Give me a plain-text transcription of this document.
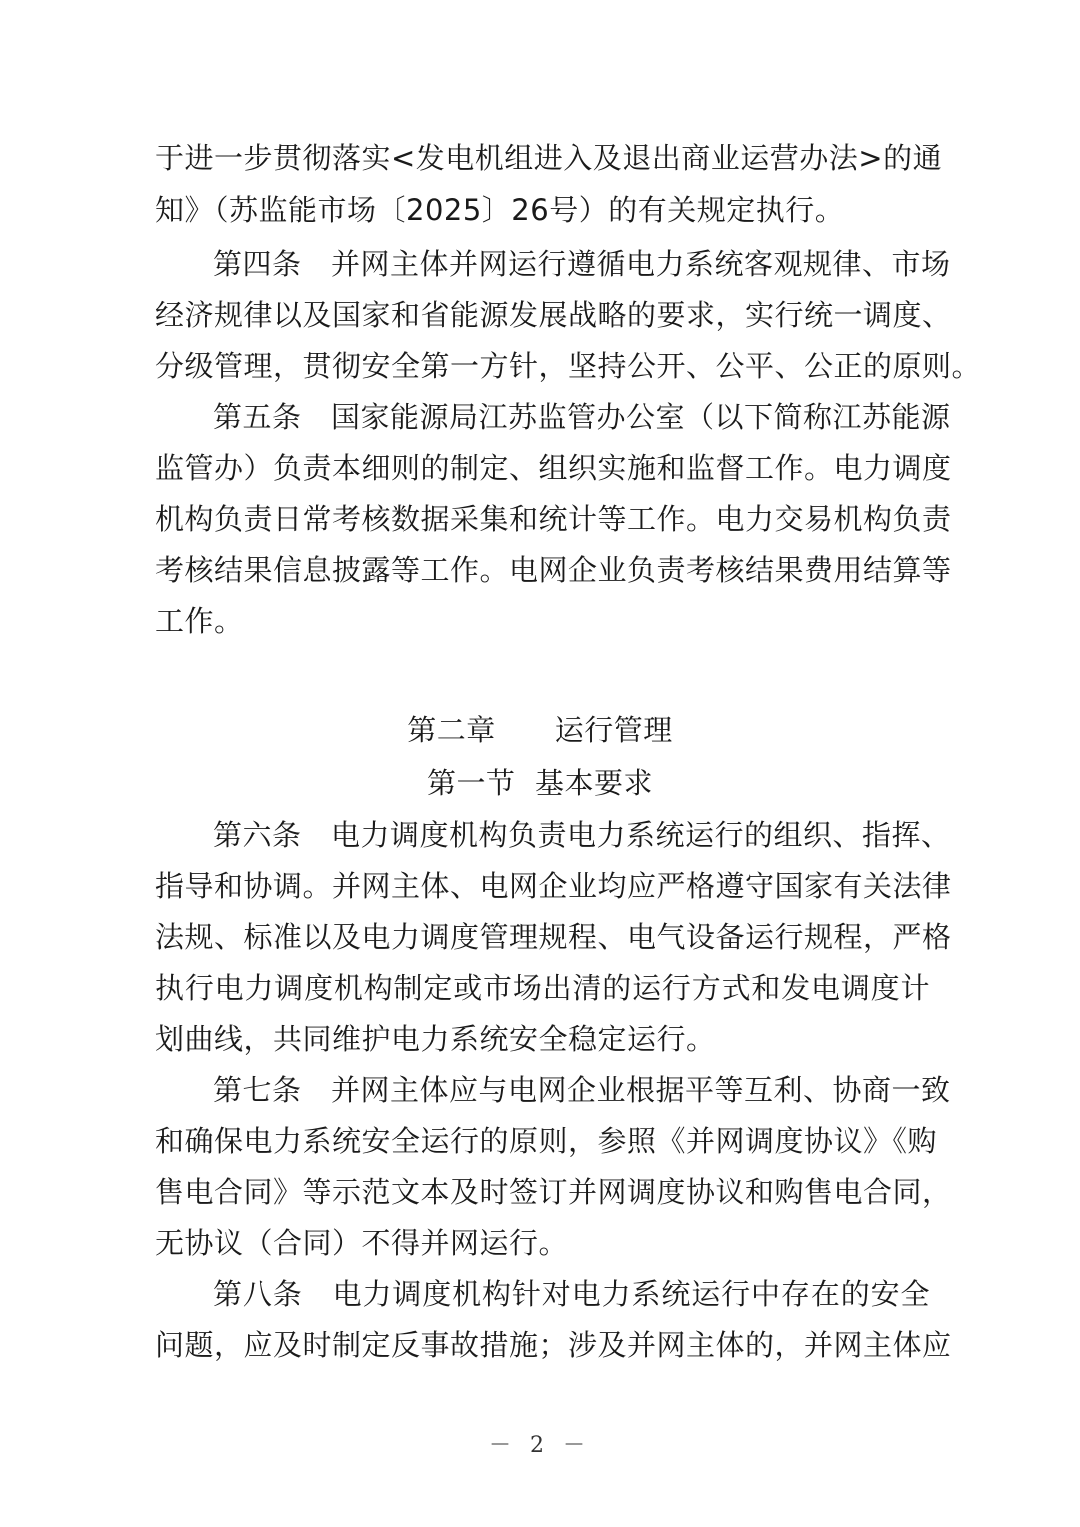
于进一步贯彻落实<发电机组进入及退出商业运营办法>的通
知》（苏监能市场〔2025〕26号）的有关规定执行。
第四条　并网主体并网运行遵循电力系统客观规律、市场
经济规律以及国家和省能源发展战略的要求，实行统一调度、
分级管理，贯彻安全第一方针，坚持公开、公平、公正的原则。
第五条　国家能源局江苏监管办公室（以下简称江苏能源
监管办）负责本细则的制定、组织实施和监督工作。电力调度
机构负责日常考核数据采集和统计等工作。电力交易机构负责
考核结果信息披露等工作。电网企业负责考核结果费用结算等
工作。
第二章　　运行管理
第一节  基本要求
第六条　电力调度机构负责电力系统运行的组织、指挥、
指导和协调。并网主体、电网企业均应严格遵守国家有关法律
法规、标准以及电力调度管理规程、电气设备运行规程，严格
执行电力调度机构制定或市场出清的运行方式和发电调度计
划曲线，共同维护电力系统安全稳定运行。
第七条　并网主体应与电网企业根据平等互利、协商一致
和确保电力系统安全运行的原则，参照《并网调度协议》《购
售电合同》等示范文本及时签订并网调度协议和购售电合同，
无协议（合同）不得并网运行。
第八条　电力调度机构针对电力系统运行中存在的安全
问题，应及时制定反事故措施；涉及并网主体的，并网主体应
－ 2 －
